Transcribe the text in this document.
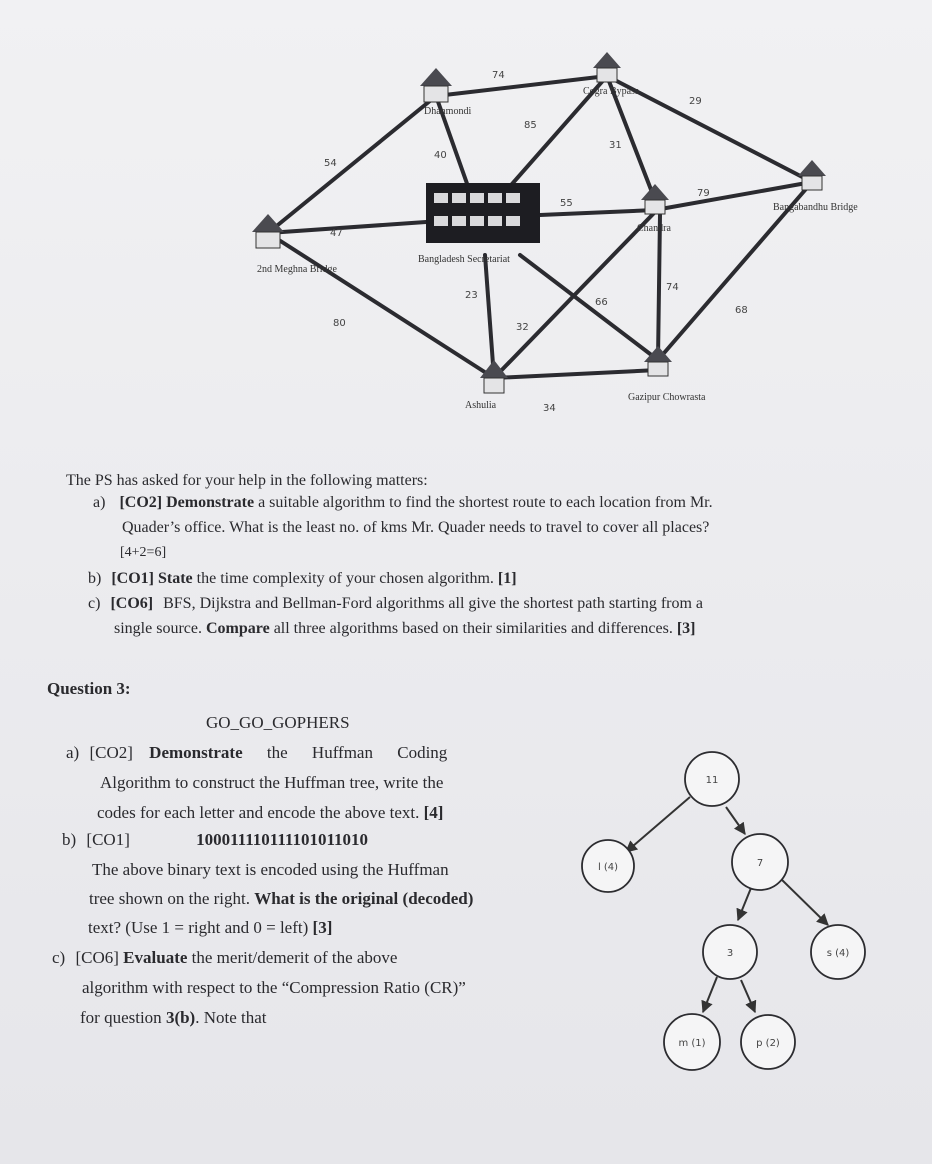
74
54
40
85
29
31
47
55
79
74
68
80
23
66
32
34
Dhanmondi
Cogra Bypass
Bangabandhu Bridge
Chandra
Bangladesh Secretariat
2nd Meghna Bridge
Ashulia
Gazipur Chowrasta
The PS has asked for your help in the following matters:
a) [CO2] Demonstrate a suitable algorithm to find the shortest route to each location from Mr.
Quader’s office. What is the least no. of kms Mr. Quader needs to travel to cover all places?
[4+2=6]
b) [CO1] State the time complexity of your chosen algorithm. [1]
c) [CO6] BFS, Dijkstra and Bellman-Ford algorithms all give the shortest path starting from a
single source. Compare all three algorithms based on their similarities and differences. [3]
Question 3:
GO_GO_GOPHERS
a) [CO2] Demonstrate the Huffman Coding
Algorithm to construct the Huffman tree, write the
codes for each letter and encode the above text. [4]
b) [CO1]	100011110111101011010
The above binary text is encoded using the Huffman
tree shown on the right. What is the original (decoded)
text? (Use 1 = right and 0 = left) [3]
c) [CO6] Evaluate the merit/demerit of the above
algorithm with respect to the “Compression Ratio (CR)”
for question 3(b). Note that
11
l (4)	7
3	s (4)
m (1)	p (2)
